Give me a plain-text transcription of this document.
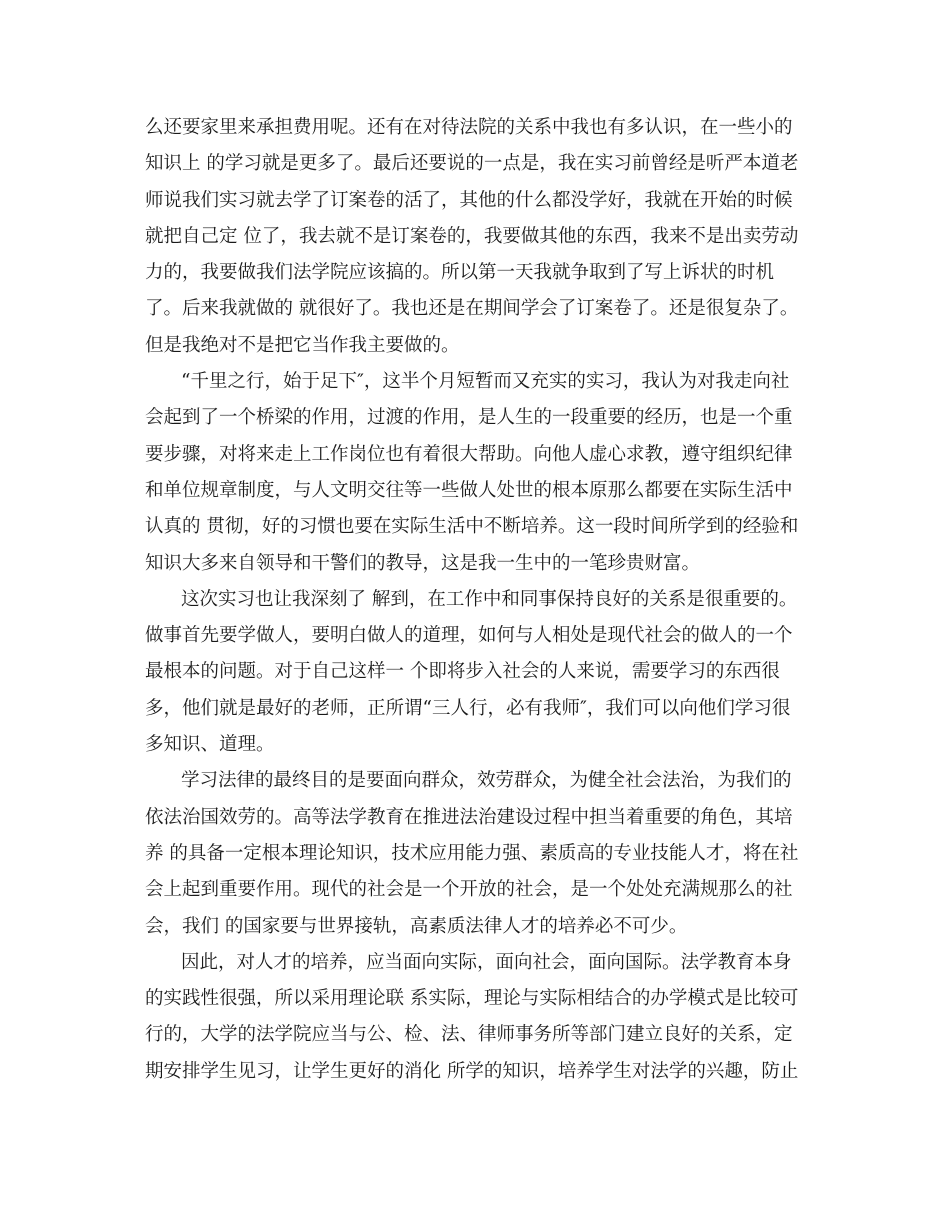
么还要家里来承担费用呢。还有在对待法院的关系中我也有多认识，在一些小的
知识上 的学习就是更多了。最后还要说的一点是，我在实习前曾经是听严本道老
师说我们实习就去学了订案卷的活了，其他的什么都没学好，我就在开始的时候
就把自己定 位了，我去就不是订案卷的，我要做其他的东西，我来不是出卖劳动
力的，我要做我们法学院应该搞的。所以第一天我就争取到了写上诉状的时机
了。后来我就做的 就很好了。我也还是在期间学会了订案卷了。还是很复杂了。
但是我绝对不是把它当作我主要做的。
“千里之行，始于足下″，这半个月短暂而又充实的实习，我认为对我走向社
会起到了一个桥梁的作用，过渡的作用，是人生的一段重要的经历，也是一个重
要步骤，对将来走上工作岗位也有着很大帮助。向他人虚心求教，遵守组织纪律
和单位规章制度，与人文明交往等一些做人处世的根本原那么都要在实际生活中
认真的 贯彻，好的习惯也要在实际生活中不断培养。这一段时间所学到的经验和
知识大多来自领导和干警们的教导，这是我一生中的一笔珍贵财富。
这次实习也让我深刻了 解到，在工作中和同事保持良好的关系是很重要的。
做事首先要学做人，要明白做人的道理，如何与人相处是现代社会的做人的一个
最根本的问题。对于自己这样一 个即将步入社会的人来说，需要学习的东西很
多，他们就是最好的老师，正所谓“三人行，必有我师″，我们可以向他们学习很
多知识、道理。
学习法律的最终目的是要面向群众，效劳群众，为健全社会法治，为我们的
依法治国效劳的。高等法学教育在推进法治建设过程中担当着重要的角色，其培
养 的具备一定根本理论知识，技术应用能力强、素质高的专业技能人才，将在社
会上起到重要作用。现代的社会是一个开放的社会，是一个处处充满规那么的社
会，我们 的国家要与世界接轨，高素质法律人才的培养必不可少。
因此，对人才的培养，应当面向实际，面向社会，面向国际。法学教育本身
的实践性很强，所以采用理论联 系实际，理论与实际相结合的办学模式是比较可
行的，大学的法学院应当与公、检、法、律师事务所等部门建立良好的关系，定
期安排学生见习，让学生更好的消化 所学的知识，培养学生对法学的兴趣，防止
